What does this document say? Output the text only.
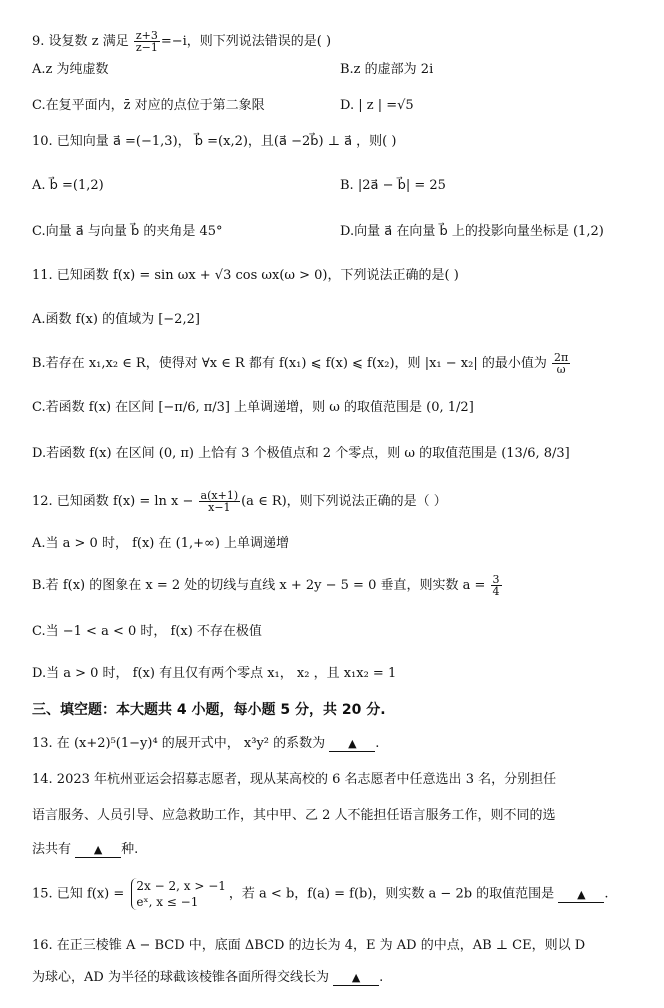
9. 设复数 z 满足 $\frac{z+3}{z-1} =-i$，则下列说法错误的是( )
A.z 为纯虚数	B.z 的虚部为 2i
C.在复平面内，z̄ 对应的点位于第二象限	D. | z | =√5
10. 已知向量 a⃗ =(−1,3)， b⃗ =(x,2)，且(a⃗ −2b⃗) ⊥ a⃗ ，则( )
A. b⃗ =(1,2)	B. |2a⃗ − b⃗| = 25
C.向量 a⃗ 与向量 b⃗ 的夹角是 45°	D.向量 a⃗ 在向量 b⃗ 上的投影向量坐标是 (1,2)
11. 已知函数 f(x) = sin ωx + √3 cos ωx(ω > 0)，下列说法正确的是( )
A.函数 f(x) 的值域为 [−2,2]
B.若存在 x₁,x₂ ∈ R，使得对 ∀x ∈ R 都有 f(x₁) ⩽ f(x) ⩽ f(x₂)，则 |x₁ − x₂| 的最小值为 $\frac{2\pi}{\omega}$
C.若函数 f(x) 在区间 [−π/6, π/3] 上单调递增，则 ω 的取值范围是 (0, 1/2]
D.若函数 f(x) 在区间 (0, π) 上恰有 3 个极值点和 2 个零点，则 ω 的取值范围是 (13/6, 8/3]
12. 已知函数 $f(x) = \ln x - \frac{a(x+1)}{x-1} (a$ ∈ R)，则下列说法正确的是（ ）
A.当 a > 0 时， f(x) 在 (1,+∞) 上单调递增
B.若 f(x) 的图象在 x = 2 处的切线与直线 x + 2y − 5 = 0 垂直，则实数 $a = \frac{3}{4}$
C.当 −1 < a < 0 时， f(x) 不存在极值
D.当 a > 0 时， f(x) 有且仅有两个零点 x₁， x₂ ，且 x₁x₂ = 1
三、填空题：本大题共 4 小题，每小题 5 分，共 20 分.
13. 在 (x+2)⁵(1−y)⁴ 的展开式中， x³y² 的系数为 ▲ .
14. 2023 年杭州亚运会招募志愿者，现从某高校的 6 名志愿者中任意选出 3 名，分别担任
语言服务、人员引导、应急救助工作，其中甲、乙 2 人不能担任语言服务工作，则不同的选
法共有 ▲ 种.
15. 已知 f(x) =
2x − 2, x > −1
eˣ, x ≤ −1
，若 a < b，f(a) = f(b)，则实数 a − 2b 的取值范围是 ▲ .
16. 在正三棱锥 A − BCD 中，底面 ΔBCD 的边长为 4，E 为 AD 的中点，AB ⊥ CE，则以 D
为球心，AD 为半径的球截该棱锥各面所得交线长为 ▲ .
